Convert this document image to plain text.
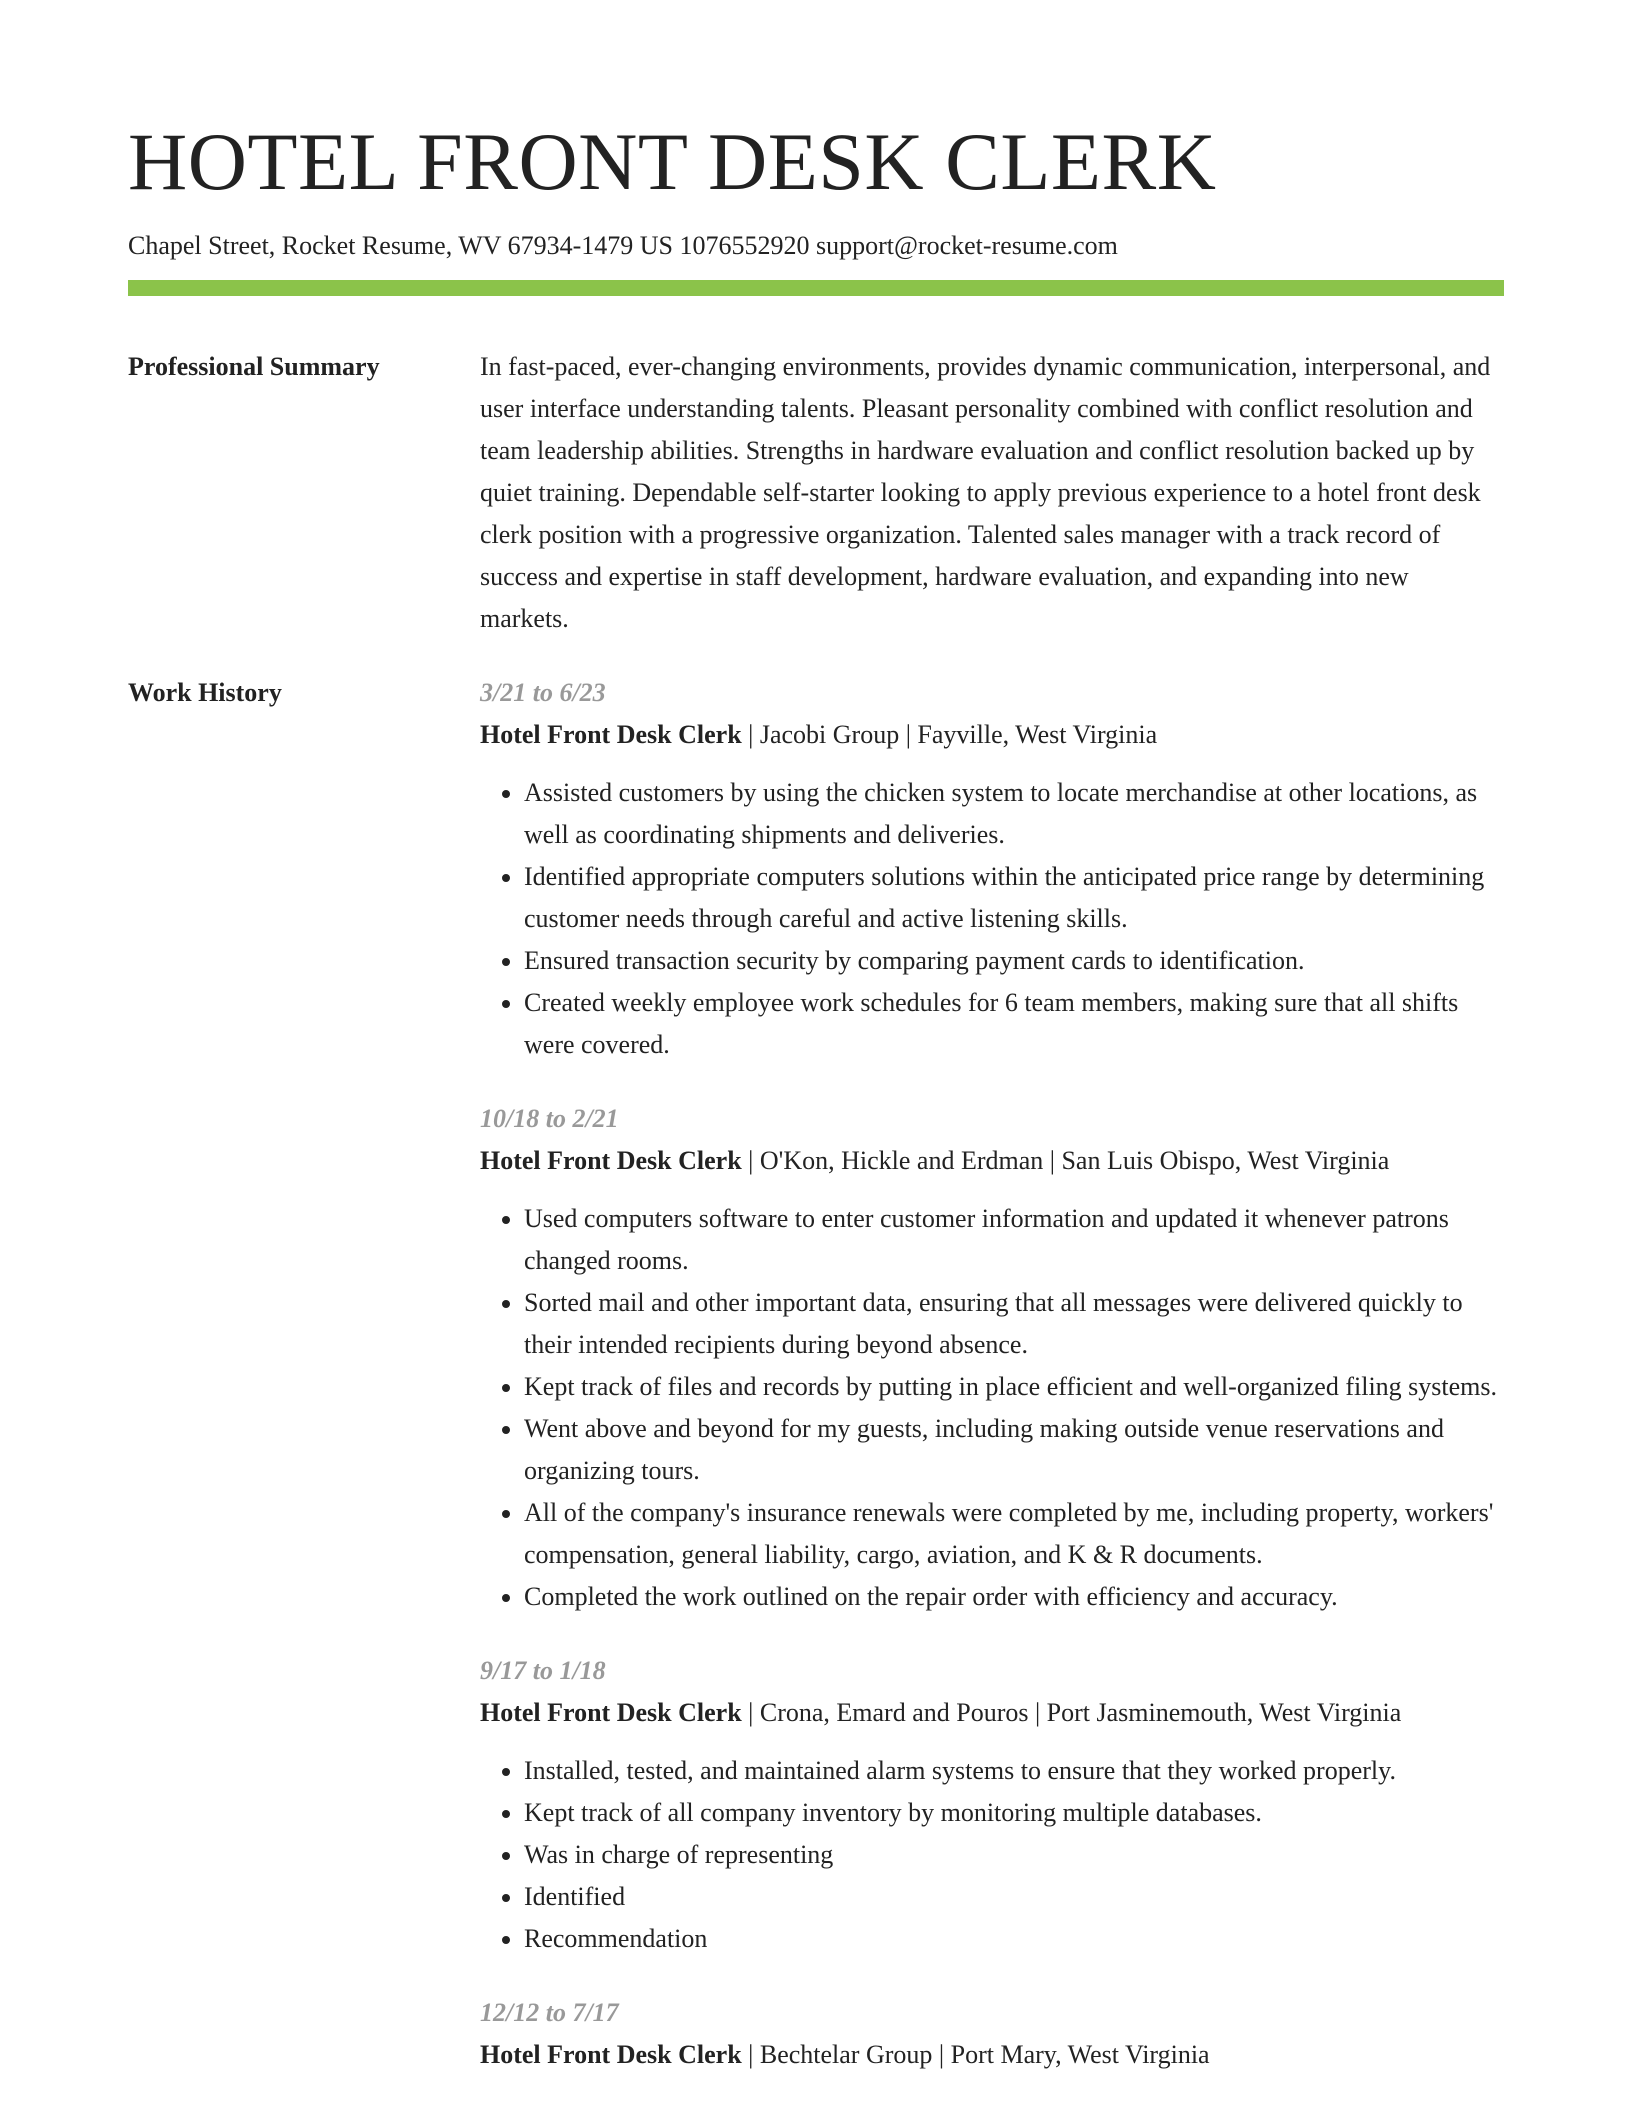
HOTEL FRONT DESK CLERK
Chapel Street, Rocket Resume, WV 67934-1479 US 1076552920 support@rocket-resume.com
Professional Summary	In fast-paced, ever-changing environments, provides dynamic communication, interpersonal, and user interface understanding talents. Pleasant personality combined with conflict resolution and team leadership abilities. Strengths in hardware evaluation and conflict resolution backed up by quiet training. Dependable self-starter looking to apply previous experience to a hotel front desk clerk position with a progressive organization. Talented sales manager with a track record of success and expertise in staff development, hardware evaluation, and expanding into new markets.
Work History	3/21 to 6/23
Hotel Front Desk Clerk | Jacobi Group | Fayville, West Virginia
• Assisted customers by using the chicken system to locate merchandise at other locations, as well as coordinating shipments and deliveries.
• Identified appropriate computers solutions within the anticipated price range by determining customer needs through careful and active listening skills.
• Ensured transaction security by comparing payment cards to identification.
• Created weekly employee work schedules for 6 team members, making sure that all shifts were covered.
10/18 to 2/21
Hotel Front Desk Clerk | O'Kon, Hickle and Erdman | San Luis Obispo, West Virginia
• Used computers software to enter customer information and updated it whenever patrons changed rooms.
• Sorted mail and other important data, ensuring that all messages were delivered quickly to their intended recipients during beyond absence.
• Kept track of files and records by putting in place efficient and well-organized filing systems.
• Went above and beyond for my guests, including making outside venue reservations and organizing tours.
• All of the company's insurance renewals were completed by me, including property, workers' compensation, general liability, cargo, aviation, and K & R documents.
• Completed the work outlined on the repair order with efficiency and accuracy.
9/17 to 1/18
Hotel Front Desk Clerk | Crona, Emard and Pouros | Port Jasminemouth, West Virginia
• Installed, tested, and maintained alarm systems to ensure that they worked properly.
• Kept track of all company inventory by monitoring multiple databases.
• Was in charge of representing
• Identified
• Recommendation
12/12 to 7/17
Hotel Front Desk Clerk | Bechtelar Group | Port Mary, West Virginia
